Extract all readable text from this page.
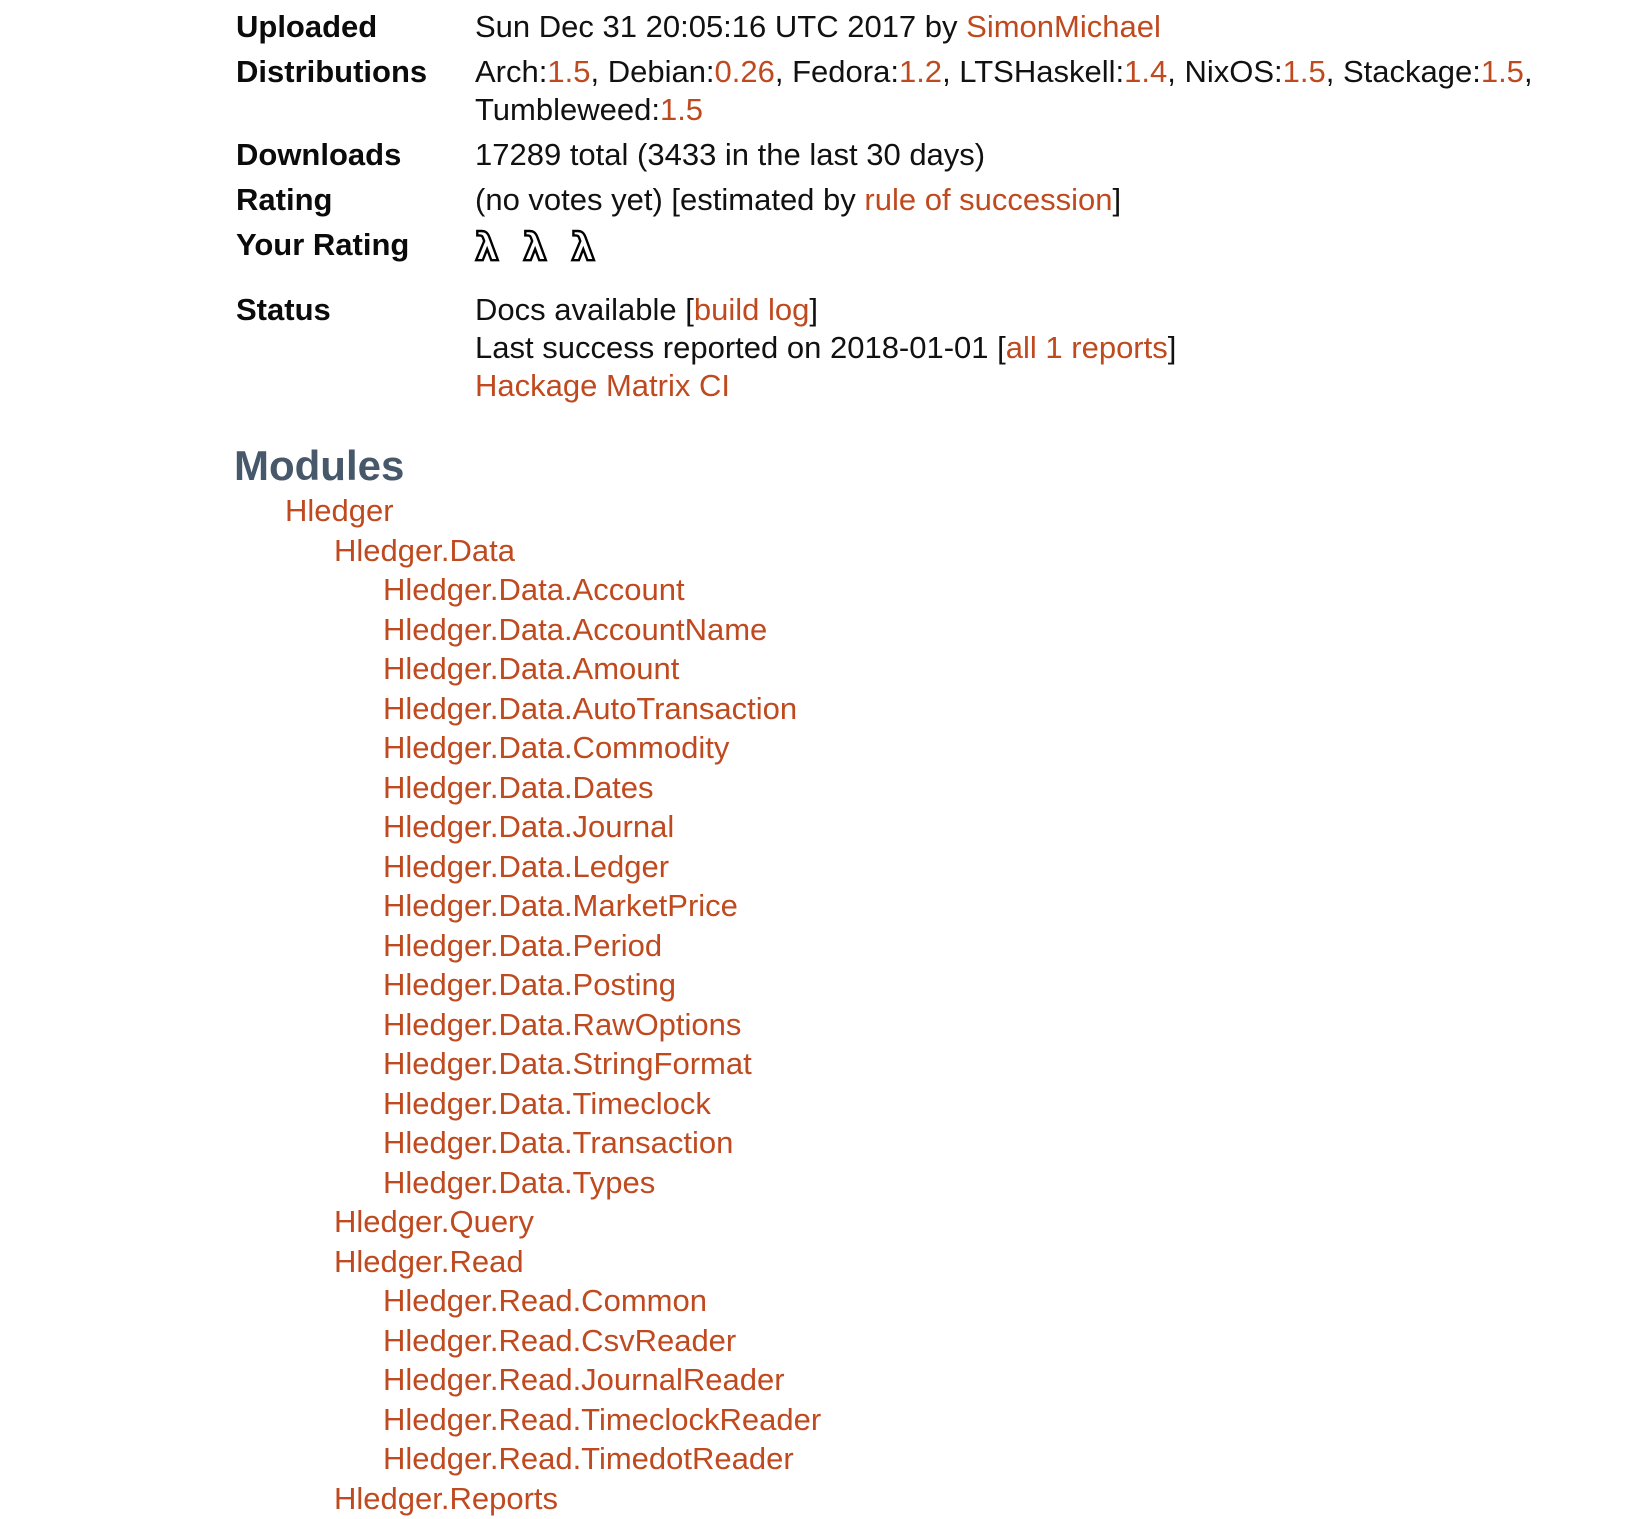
Uploaded	Sun Dec 31 20:05:16 UTC 2017 by SimonMichael
Distributions	Arch:1.5, Debian:0.26, Fedora:1.2, LTSHaskell:1.4, NixOS:1.5, Stackage:1.5,
Tumbleweed:1.5
Downloads	17289 total (3433 in the last 30 days)
Rating	(no votes yet) [estimated by rule of succession]
Your Rating	λ λ λ
Status	Docs available [build log]
Last success reported on 2018-01-01 [all 1 reports]
Hackage Matrix CI
Modules
Hledger
Hledger.Data
Hledger.Data.Account
Hledger.Data.AccountName
Hledger.Data.Amount
Hledger.Data.AutoTransaction
Hledger.Data.Commodity
Hledger.Data.Dates
Hledger.Data.Journal
Hledger.Data.Ledger
Hledger.Data.MarketPrice
Hledger.Data.Period
Hledger.Data.Posting
Hledger.Data.RawOptions
Hledger.Data.StringFormat
Hledger.Data.Timeclock
Hledger.Data.Transaction
Hledger.Data.Types
Hledger.Query
Hledger.Read
Hledger.Read.Common
Hledger.Read.CsvReader
Hledger.Read.JournalReader
Hledger.Read.TimeclockReader
Hledger.Read.TimedotReader
Hledger.Reports
